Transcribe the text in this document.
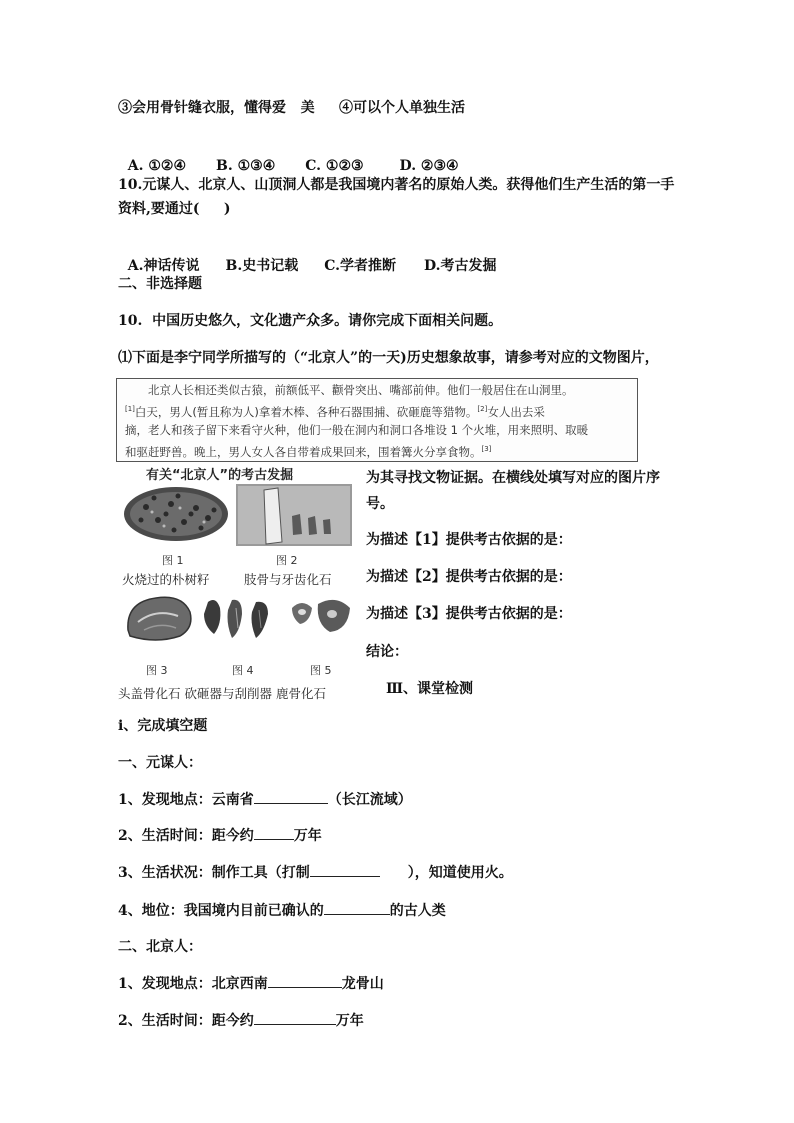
③会用骨针缝衣服，懂得爱   美     ④可以个人单独生活

A. ①②④ B. ①③④ C. ①②③	D. ②③④

10.元谋人、北京人、山顶洞人都是我国境内著名的原始人类。获得他们生产生活的第一手
资料,要通过(     )

A.神话传说 B.史书记载 C.学者推断 D.考古发掘

二、非选择题
10.  中国历史悠久，文化遗产众多。请你完成下面相关问题。
⑴下面是李宁同学所描写的（“北京人”的一天)历史想象故事，请参考对应的文物图片，
　　北京人长相还类似古猿，前额低平、颧骨突出、嘴部前伸。他们一般居住在山洞里。
[1]白天，男人(暂且称为人)拿着木棒、各种石器围捕、砍砸鹿等猎物。[2]女人出去采
摘，老人和孩子留下来看守火种，他们一般在洞内和洞口各堆设 1 个火堆，用来照明、取暖
和驱赶野兽。晚上，男人女人各自带着成果回来，围着篝火分享食物。[3]
有关“北京人”的考古发掘
图 1	图 2
火烧过的朴树籽	肢骨与牙齿化石
图 3	图 4	图 5
头盖骨化石 砍砸器与刮削器 鹿骨化石
为其寻找文物证据。在横线处填写对应的图片序
号。
为描述【1】提供考古依据的是：
为描述【2】提供考古依据的是：
为描述【3】提供考古依据的是：
结论：
Ⅲ、课堂检测
ⅰ、完成填空题
一、元谋人：
1、发现地点：云南省	（长江流域）
2、生活时间：距今约	万年
3、生活状况：制作工具（打制	），知道使用火。
4、地位：我国境内目前已确认的	的古人类
二、北京人：
1、发现地点：北京西南	龙骨山
2、生活时间：距今约	万年
